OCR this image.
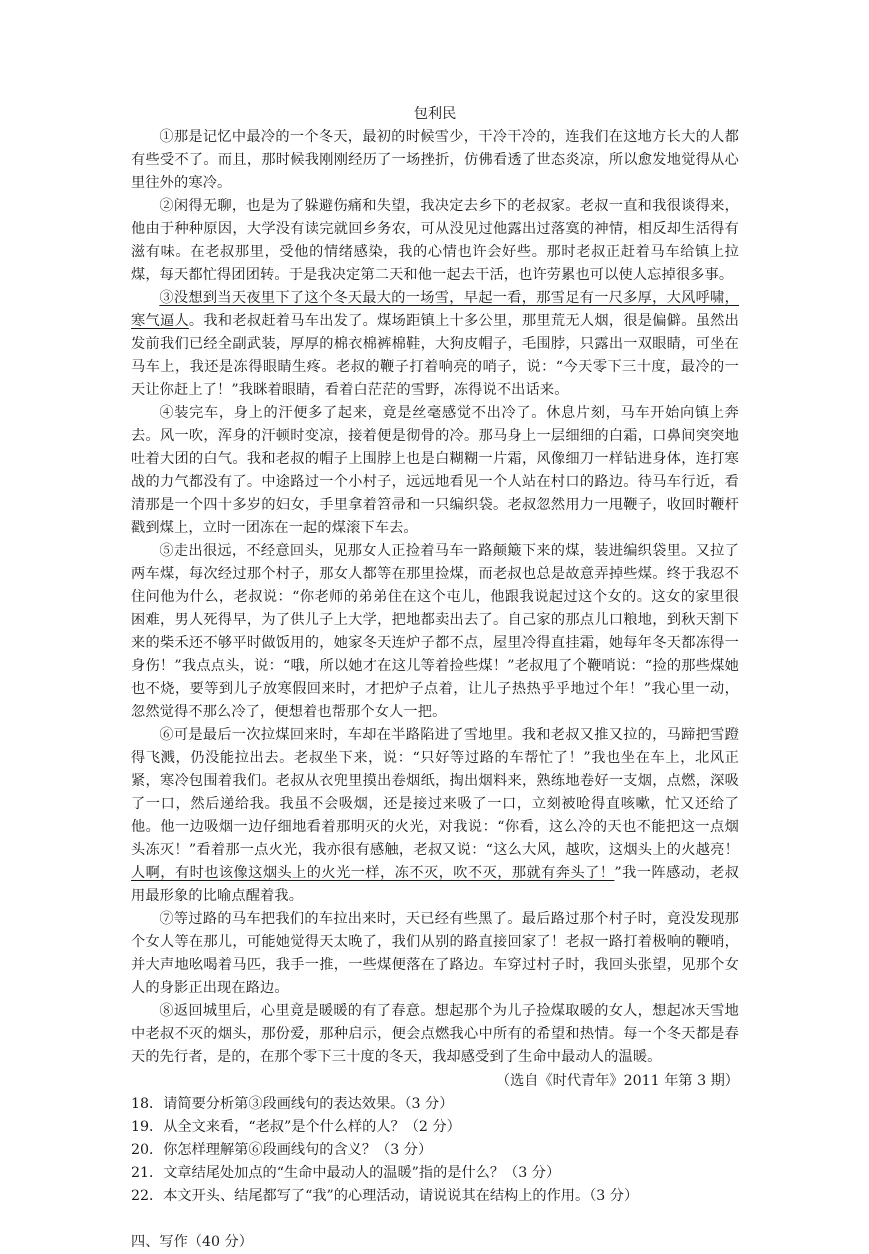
包利民

①那是记忆中最冷的一个冬天，最初的时候雪少，干冷干冷的，连我们在这地方长大的人都有些受不了。而且，那时候我刚刚经历了一场挫折，仿佛看透了世态炎凉，所以愈发地觉得从心里往外的寒冷。

②闲得无聊，也是为了躲避伤痛和失望，我决定去乡下的老叔家。老叔一直和我很谈得来，他由于种种原因，大学没有读完就回乡务农，可从没见过他露出过落寞的神情，相反却生活得有滋有味。在老叔那里，受他的情绪感染，我的心情也许会好些。那时老叔正赶着马车给镇上拉煤，每天都忙得团团转。于是我决定第二天和他一起去干活，也许劳累也可以使人忘掉很多事。

③没想到当天夜里下了这个冬天最大的一场雪，早起一看，那雪足有一尺多厚，大风呼啸，寒气逼人。我和老叔赶着马车出发了。煤场距镇上十多公里，那里荒无人烟，很是偏僻。虽然出发前我们已经全副武装，厚厚的棉衣棉裤棉鞋，大狗皮帽子，毛围脖，只露出一双眼睛，可坐在马车上，我还是冻得眼睛生疼。老叔的鞭子打着响亮的哨子，说：“今天零下三十度，最冷的一天让你赶上了！”我眯着眼睛，看着白茫茫的雪野，冻得说不出话来。

④装完车，身上的汗便多了起来，竟是丝毫感觉不出冷了。休息片刻，马车开始向镇上奔去。风一吹，浑身的汗顿时变凉，接着便是彻骨的冷。那马身上一层细细的白霜，口鼻间突突地吐着大团的白气。我和老叔的帽子上围脖上也是白糊糊一片霜，风像细刀一样钻进身体，连打寒战的力气都没有了。中途路过一个小村子，远远地看见一个人站在村口的路边。待马车行近，看清那是一个四十多岁的妇女，手里拿着笤帚和一只编织袋。老叔忽然用力一甩鞭子，收回时鞭杆戳到煤上，立时一团冻在一起的煤滚下车去。

⑤走出很远，不经意回头，见那女人正捡着马车一路颠簸下来的煤，装进编织袋里。又拉了两车煤，每次经过那个村子，那女人都等在那里捡煤，而老叔也总是故意弄掉些煤。终于我忍不住问他为什么，老叔说：“你老师的弟弟住在这个屯儿，他跟我说起过这个女的。这女的家里很困难，男人死得早，为了供儿子上大学，把地都卖出去了。自己家的那点儿口粮地，到秋天割下来的柴禾还不够平时做饭用的，她家冬天连炉子都不点，屋里冷得直挂霜，她每年冬天都冻得一身伤！”我点点头，说：“哦，所以她才在这儿等着捡些煤！”老叔甩了个鞭哨说：“捡的那些煤她也不烧，要等到儿子放寒假回来时，才把炉子点着，让儿子热热乎乎地过个年！”我心里一动，忽然觉得不那么冷了，便想着也帮那个女人一把。

⑥可是最后一次拉煤回来时，车却在半路陷进了雪地里。我和老叔又推又拉的，马蹄把雪蹬得飞溅，仍没能拉出去。老叔坐下来，说：“只好等过路的车帮忙了！”我也坐在车上，北风正紧，寒冷包围着我们。老叔从衣兜里摸出卷烟纸，掏出烟料来，熟练地卷好一支烟，点燃，深吸了一口，然后递给我。我虽不会吸烟，还是接过来吸了一口，立刻被呛得直咳嗽，忙又还给了他。他一边吸烟一边仔细地看着那明灭的火光，对我说：“你看，这么冷的天也不能把这一点烟头冻灭！”看着那一点火光，我亦很有感触，老叔又说：“这么大风，越吹，这烟头上的火越亮！人啊，有时也该像这烟头上的火光一样，冻不灭，吹不灭，那就有奔头了！”我一阵感动，老叔用最形象的比喻点醒着我。

⑦等过路的马车把我们的车拉出来时，天已经有些黑了。最后路过那个村子时，竟没发现那个女人等在那儿，可能她觉得天太晚了，我们从别的路直接回家了！老叔一路打着极响的鞭哨，并大声地吆喝着马匹，我手一推，一些煤便落在了路边。车穿过村子时，我回头张望，见那个女人的身影正出现在路边。

⑧返回城里后，心里竟是暖暖的有了春意。想起那个为儿子捡煤取暖的女人，想起冰天雪地中老叔不灭的烟头，那份爱，那种启示，便会点燃我心中所有的希望和热情。每一个冬天都是春天的先行者，是的，在那个零下三十度的冬天，我却感受到了生命中最动人的温暖。

（选自《时代青年》2011 年第 3 期）

18．请简要分析第③段画线句的表达效果。（3 分）

19．从全文来看，“老叔”是个什么样的人？（2 分）

20．你怎样理解第⑥段画线句的含义？（3 分）

21．文章结尾处加点的“生命中最动人的温暖”指的是什么？（3 分）

22．本文开头、结尾都写了“我”的心理活动，请说说其在结构上的作用。（3 分）

四、写作（40 分）
